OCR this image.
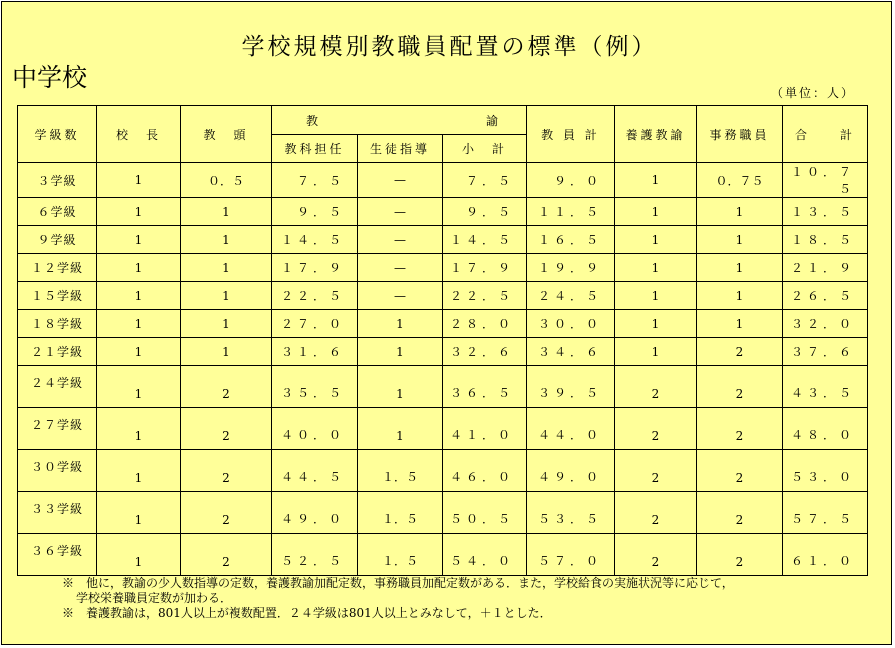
学校規模別教職員配置の標準（例）
中学校
（単位：人）
学級数	校　長	教　頭	教 諭			教 員 計	養護教諭	事務職員	合　　計
			教科担任	生徒指導	小　計				
３学級	1	０．５	７．５	—	７．５	９．０	1	０．７５	１０．７５
６学級	1	1	９．５	—	９．５	１１．５	1	1	１３．５
９学級	1	1	１４．５	—	１４．５	１６．５	1	1	１８．５
１２学級	1	1	１７．９	—	１７．９	１９．９	1	1	２１．９
１５学級	1	1	２２．５	—	２２．５	２４．５	1	1	２６．５
１８学級	1	1	２７．０	1	２８．０	３０．０	1	1	３２．０
２１学級	1	1	３１．６	1	３２．６	３４．６	1	2	３７．６
２４学級	1	2	３５．５	1	３６．５	３９．５	2	2	４３．５
２７学級	1	2	４０．０	1	４１．０	４４．０	2	2	４８．０
３０学級	1	2	４４．５	１．５	４６．０	４９．０	2	2	５３．０
３３学級	1	2	４９．０	１．５	５０．５	５３．５	2	2	５７．５
３６学級	1	2	５２．５	１．５	５４．０	５７．０	2	2	６１．０
※　他に，教諭の少人数指導の定数，養護教諭加配定数，事務職員加配定数がある．また，学校給食の実施状況等に応じて，
学校栄養職員定数が加わる．
※　養護教諭は，801人以上が複数配置．２４学級は801人以上とみなして，＋１とした．
